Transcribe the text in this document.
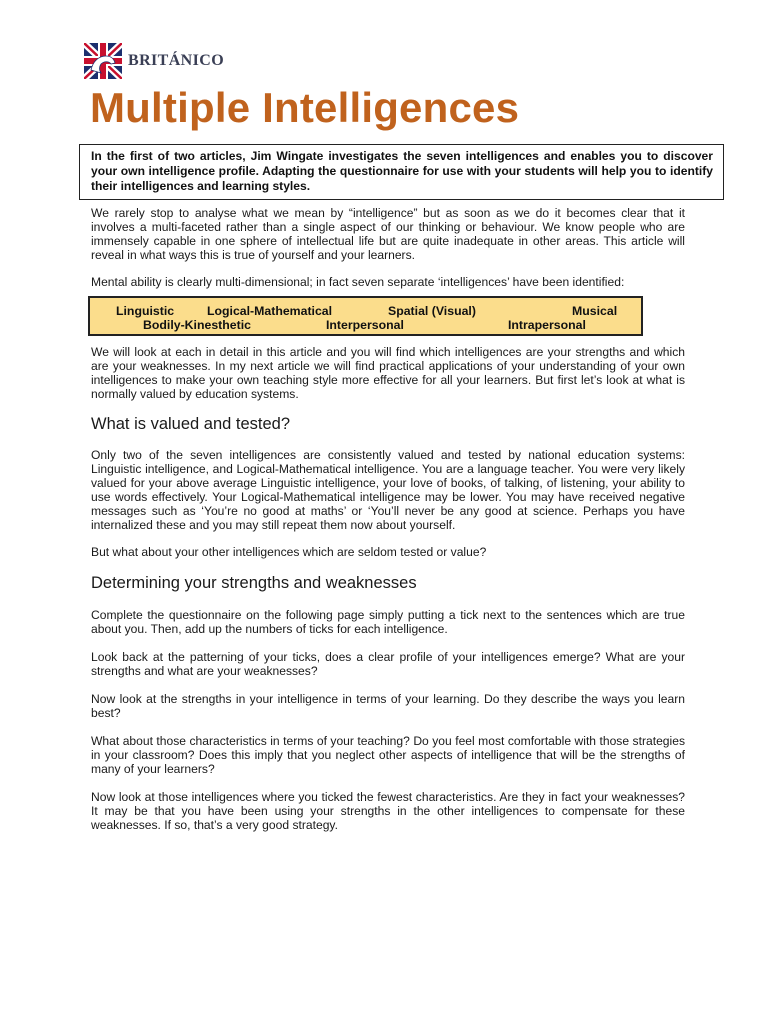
BRITÁNICO
Multiple Intelligences
In the first of two articles, Jim Wingate investigates the seven intelligences and enables you to discover your own intelligence profile. Adapting the questionnaire for use with your students will help you to identify their intelligences and learning styles.

We rarely stop to analyse what we mean by “intelligence” but as soon as we do it becomes clear that it involves a multi-faceted rather than a single aspect of our thinking or behaviour. We know people who are immensely capable in one sphere of intellectual life but are quite inadequate in other areas. This article will reveal in what ways this is true of yourself and your learners.

Mental ability is clearly multi-dimensional; in fact seven separate ‘intelligences’ have been identified:

Linguistic	Logical-Mathematical	Spatial (Visual)	Musical
Bodily-Kinesthetic	Interpersonal	Intrapersonal

We will look at each in detail in this article and you will find which intelligences are your strengths and which are your weaknesses. In my next article we will find practical applications of your understanding of your own intelligences to make your own teaching style more effective for all your learners. But first let’s look at what is normally valued by education systems.

What is valued and tested?

Only two of the seven intelligences are consistently valued and tested by national education systems: Linguistic intelligence, and Logical-Mathematical intelligence. You are a language teacher. You were very likely valued for your above average Linguistic intelligence, your love of books, of talking, of listening, your ability to use words effectively. Your Logical-Mathematical intelligence may be lower. You may have received negative messages such as ‘You’re no good at maths’ or ‘You’ll never be any good at science. Perhaps you have internalized these and you may still repeat them now about yourself.

But what about your other intelligences which are seldom tested or value?

Determining your strengths and weaknesses

Complete the questionnaire on the following page simply putting a tick next to the sentences which are true about you. Then, add up the numbers of ticks for each intelligence.

Look back at the patterning of your ticks, does a clear profile of your intelligences emerge? What are your strengths and what are your weaknesses?

Now look at the strengths in your intelligence in terms of your learning. Do they describe the ways you learn best?

What about those characteristics in terms of your teaching? Do you feel most comfortable with those strategies in your classroom? Does this imply that you neglect other aspects of intelligence that will be the strengths of many of your learners?

Now look at those intelligences where you ticked the fewest characteristics. Are they in fact your weaknesses? It may be that you have been using your strengths in the other intelligences to compensate for these weaknesses. If so, that’s a very good strategy.
